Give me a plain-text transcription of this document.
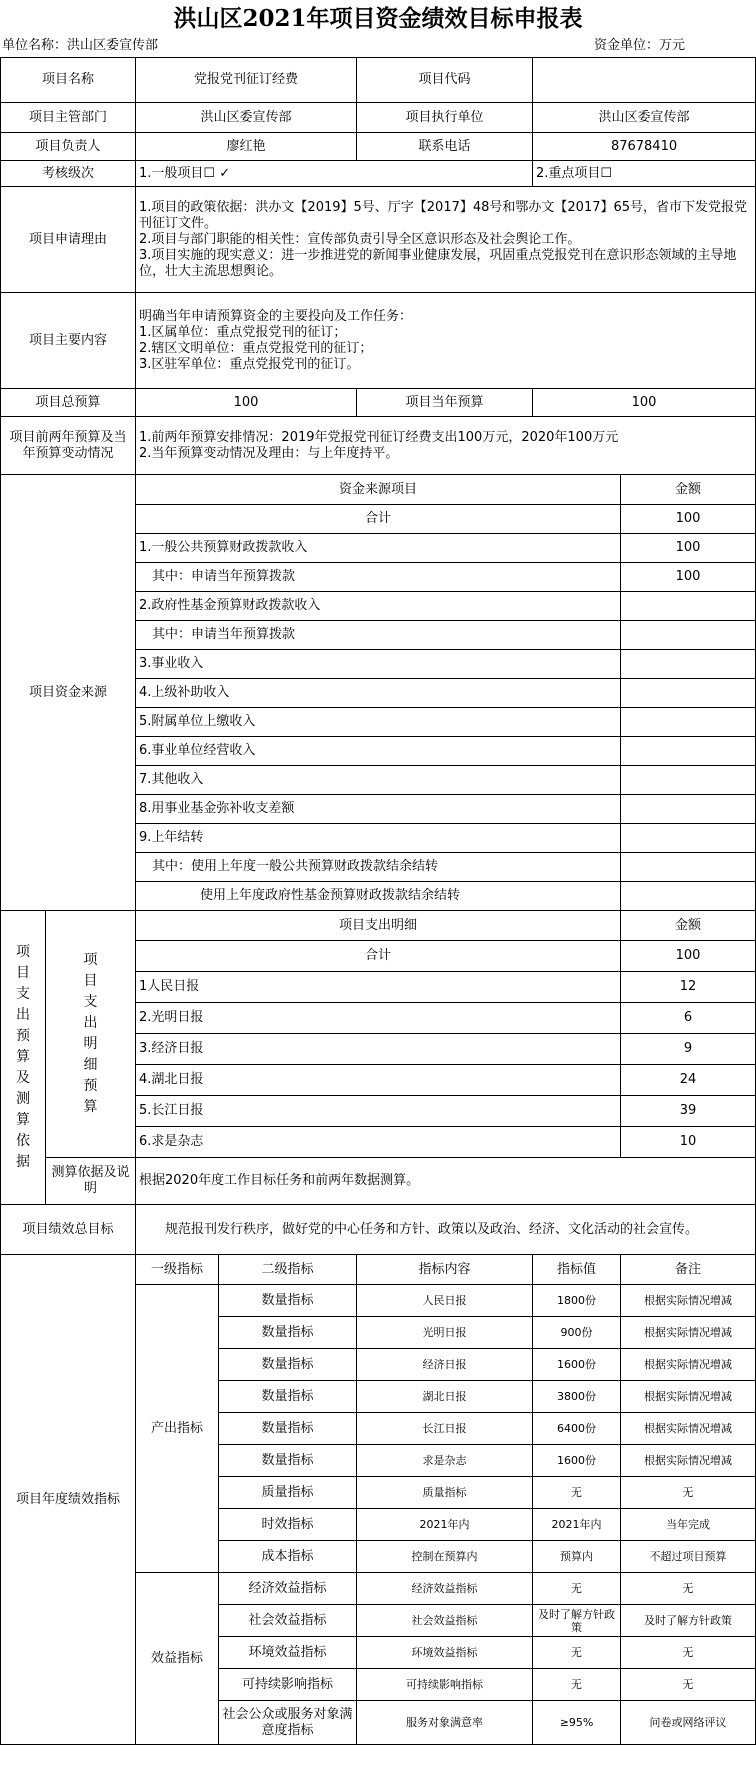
洪山区2021年项目资金绩效目标申报表
单位名称：洪山区委宣传部	资金单位：万元
项目名称		党报党刊征订经费		项目代码		
项目主管部门		洪山区委宣传部		项目执行单位	洪山区委宣传部	
项目负责人		廖红艳		联系电话	87678410	
考核级次		1.一般项目☐ ✓			2.重点项目☐	
项目申请理由		1.项目的政策依据：洪办文【2019】5号、厅字【2017】48号和鄂办文【2017】65号，省市下发党报党刊征订文件。
2.项目与部门职能的相关性：宣传部负责引导全区意识形态及社会舆论工作。
3.项目实施的现实意义：进一步推进党的新闻事业健康发展，巩固重点党报党刊在意识形态领域的主导地位，壮大主流思想舆论。				

项目主要内容		明确当年申请预算资金的主要投向及工作任务：
1.区属单位：重点党报党刊的征订；
2.辖区文明单位：重点党报党刊的征订；
3.区驻军单位：重点党报党刊的征订。				

项目总预算		100		项目当年预算	100	
项目前两年预算及当年预算变动情况		1.前两年预算安排情况：2019年党报党刊征订经费支出100万元，2020年100万元
2.当年预算变动情况及理由：与上年度持平。				

项目资金来源		资金来源项目				金额
		合计				100
		1.一般公共预算财政拨款收入				100
		其中：申请当年预算拨款				100
		2.政府性基金预算财政拨款收入				
		其中：申请当年预算拨款				
		3.事业收入				
		4.上级补助收入				
		5.附属单位上缴收入				
		6.事业单位经营收入				
		7.其他收入				
		8.用事业基金弥补收支差额				
		9.上年结转				
		其中：使用上年度一般公共预算财政拨款结余结转				
		使用上年度政府性基金预算财政拨款结余结转				
项目支出预算及测算依据	项目支出明细预算	项目支出明细				金额
		合计				100
		1人民日报				12
		2.光明日报				6
		3.经济日报				9
		4.湖北日报				24
		5.长江日报				39
		6.求是杂志				10
	测算依据及说明	根据2020年度工作目标任务和前两年数据测算。				
项目绩效总目标		规范报刊发行秩序，做好党的中心任务和方针、政策以及政治、经济、文化活动的社会宣传。				
项目年度绩效指标		一级指标	二级指标	指标内容	指标值	备注
		产出指标	数量指标	人民日报	1800份	根据实际情况增减
			数量指标	光明日报	900份	根据实际情况增减
			数量指标	经济日报	1600份	根据实际情况增减
			数量指标	湖北日报	3800份	根据实际情况增减
			数量指标	长江日报	6400份	根据实际情况增减
			数量指标	求是杂志	1600份	根据实际情况增减
			质量指标	质量指标	无	无
			时效指标	2021年内	2021年内	当年完成
			成本指标	控制在预算内	预算内	不超过项目预算
		效益指标	经济效益指标	经济效益指标	无	无
			社会效益指标	社会效益指标	及时了解方针政策	及时了解方针政策
			环境效益指标	环境效益指标	无	无
			可持续影响指标	可持续影响指标	无	无
			社会公众或服务对象满意度指标	服务对象满意率	≥95%	问卷或网络评议
